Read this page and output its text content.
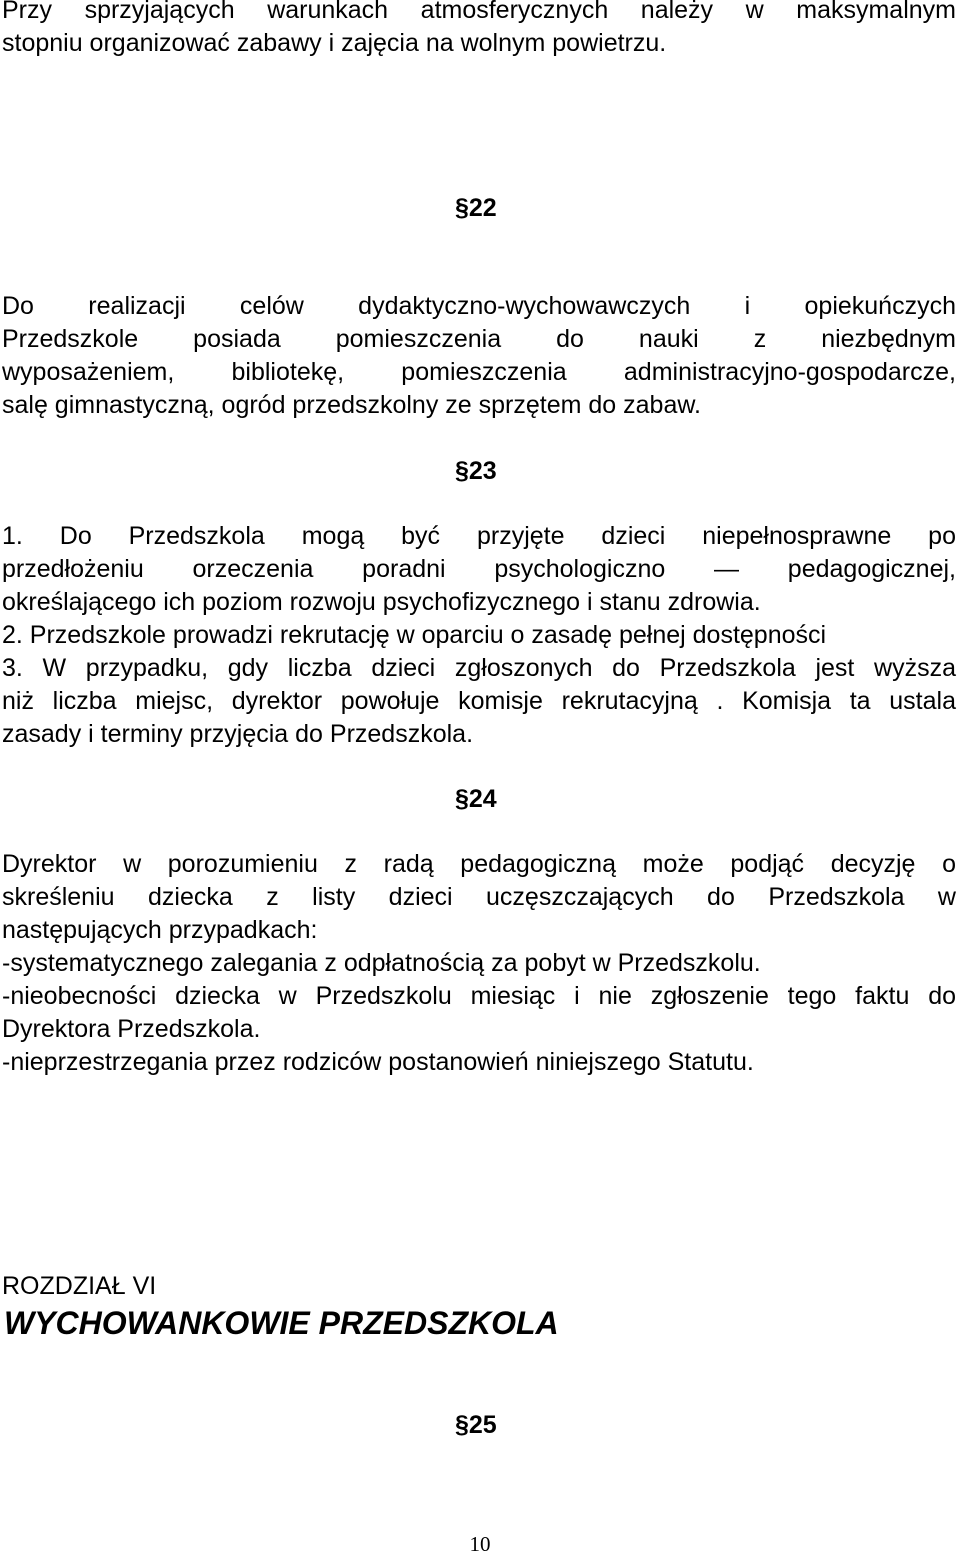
Przy sprzyjających warunkach atmosferycznych należy w maksymalnym

stopniu organizować zabawy i zajęcia na wolnym powietrzu.

§22

Do realizacji celów dydaktyczno-wychowawczych i opiekuńczych

Przedszkole posiada pomieszczenia do nauki z niezbędnym

wyposażeniem, bibliotekę, pomieszczenia administracyjno-gospodarcze,

salę gimnastyczną, ogród przedszkolny ze sprzętem do zabaw.

§23

1. Do Przedszkola mogą być przyjęte dzieci niepełnosprawne po

przedłożeniu orzeczenia poradni psychologiczno — pedagogicznej,

określającego ich poziom rozwoju psychofizycznego i stanu zdrowia.

2. Przedszkole prowadzi rekrutację w oparciu o zasadę pełnej dostępności

3. W przypadku, gdy liczba dzieci zgłoszonych do Przedszkola jest wyższa

niż liczba miejsc, dyrektor powołuje komisje rekrutacyjną . Komisja ta ustala

zasady i terminy przyjęcia do Przedszkola.

§24

Dyrektor w porozumieniu z radą pedagogiczną może podjąć decyzję o

skreśleniu dziecka z listy dzieci uczęszczających do Przedszkola w

następujących przypadkach:

-systematycznego zalegania z odpłatnością za pobyt w Przedszkolu.

-nieobecności dziecka w Przedszkolu miesiąc i nie zgłoszenie tego faktu do

Dyrektora Przedszkola.

-nieprzestrzegania przez rodziców postanowień niniejszego Statutu.

ROZDZIAŁ VI

WYCHOWANKOWIE PRZEDSZKOLA

§25
10
